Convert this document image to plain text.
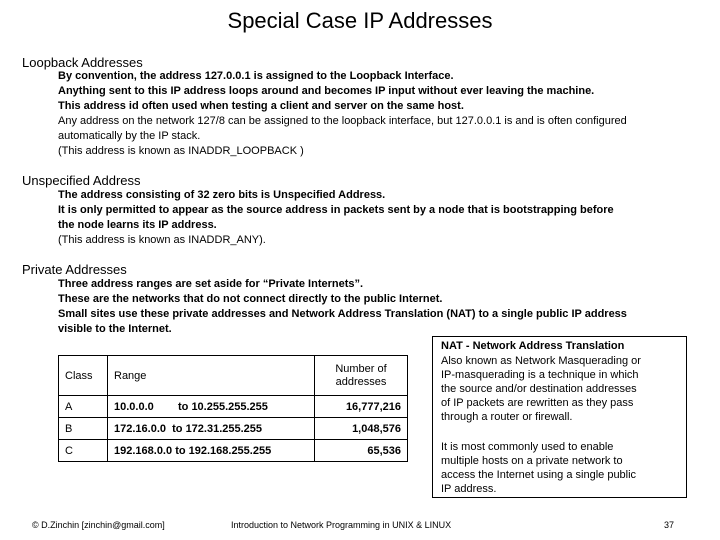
Special Case IP Addresses
Loopback Addresses
By convention, the address 127.0.0.1 is assigned to the Loopback Interface.
Anything sent to this IP address loops around and becomes IP input without ever leaving the machine.
This address id often used when testing a client and server on the same host.
Any address on the network 127/8 can be assigned to the loopback interface, but 127.0.0.1 is and is often configured
automatically by the IP stack.
(This address is known as INADDR_LOOPBACK )
Unspecified Address
The address consisting of 32 zero bits is Unspecified Address.
It is only permitted to appear as the source address in packets sent by a node that is bootstrapping before
the node learns its IP address.
(This address is known as INADDR_ANY).
Private Addresses
Three address ranges are set aside for “Private Internets”.
These are the networks that do not connect directly to the public Internet.
Small sites use these private addresses and Network Address Translation (NAT) to a single public IP address
visible to the Internet.
Class	Range	Number of
addresses

A	10.0.0.0 to 10.255.255.255	16,777,216
B	172.16.0.0 to 172.31.255.255	1,048,576
C	192.168.0.0 to 192.168.255.255	65,536
NAT - Network Address Translation
Also known as Network Masquerading or
IP-masquerading is a technique in which
the source and/or destination addresses
of IP packets are rewritten as they pass
through a router or firewall.
It is most commonly used to enable
multiple hosts on a private network to
access the Internet using a single public
IP address.
© D.Zinchin [zinchin@gmail.com]	Introduction to Network Programming in UNIX & LINUX	37
